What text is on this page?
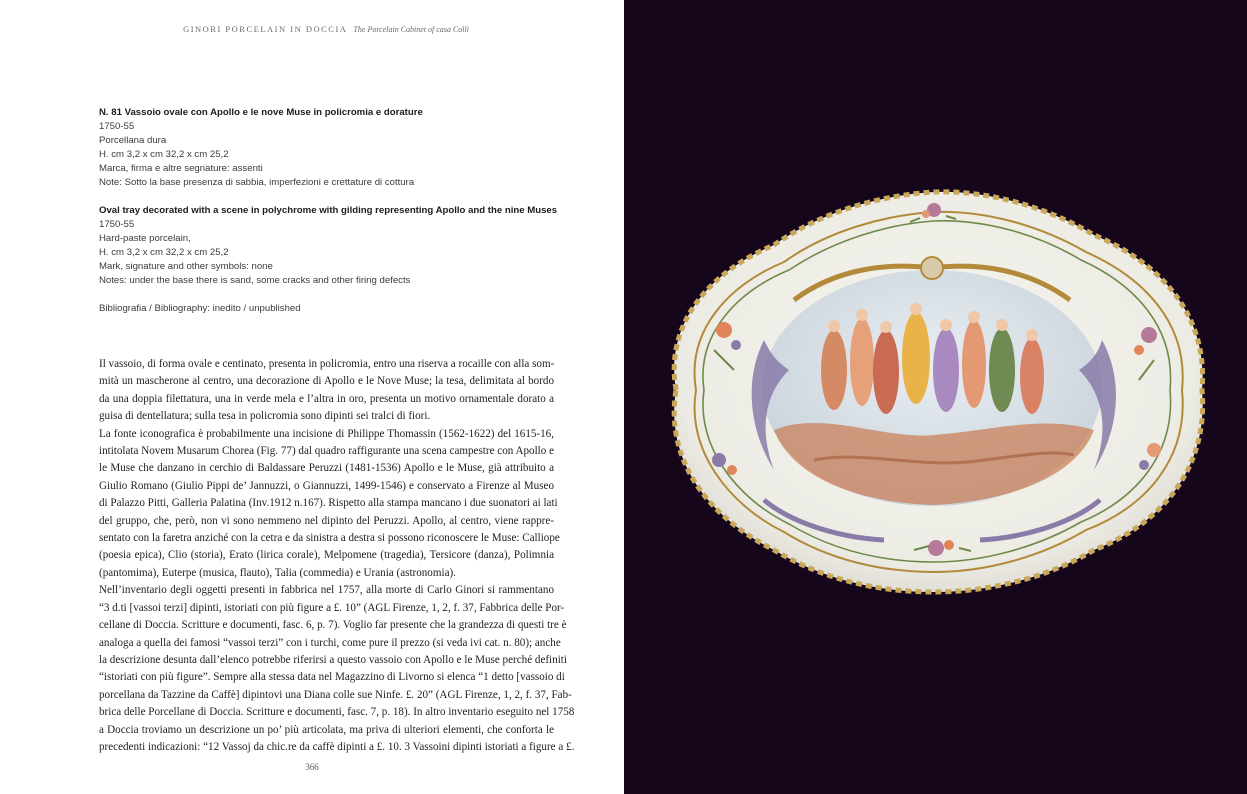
GINORI PORCELAIN IN DOCCIA The Porcelain Cabinet of casa Colli
N. 81 Vassoio ovale con Apollo e le nove Muse in policromia e dorature
1750-55
Porcellana dura
H. cm 3,2 x cm 32,2 x cm 25,2
Marca, firma e altre segnature: assenti
Note: Sotto la base presenza di sabbia, imperfezioni e crettature di cottura
Oval tray decorated with a scene in polychrome with gilding representing Apollo and the nine Muses
1750-55
Hard-paste porcelain,
H. cm 3,2 x cm 32,2 x cm 25,2
Mark, signature and other symbols: none
Notes: under the base there is sand, some cracks and other firing defects
Bibliografia / Bibliography: inedito / unpublished
Il vassoio, di forma ovale e centinato, presenta in policromia, entro una riserva a rocaille con alla som-
mità un mascherone al centro, una decorazione di Apollo e le Nove Muse; la tesa, delimitata al bordo
da una doppia filettatura, una in verde mela e l’altra in oro, presenta un motivo ornamentale dorato a
guisa di dentellatura; sulla tesa in policromia sono dipinti sei tralci di fiori.
La fonte iconografica è probabilmente una incisione di Philippe Thomassin (1562-1622) del 1615-16,
intitolata Novem Musarum Chorea (Fig. 77) dal quadro raffigurante una scena campestre con Apollo e
le Muse che danzano in cerchio di Baldassare Peruzzi (1481-1536) Apollo e le Muse, già attribuito a
Giulio Romano (Giulio Pippi de’ Jannuzzi, o Giannuzzi, 1499-1546) e conservato a Firenze al Museo
di Palazzo Pitti, Galleria Palatina (Inv.1912 n.167). Rispetto alla stampa mancano i due suonatori ai lati
del gruppo, che, però, non vi sono nemmeno nel dipinto del Peruzzi. Apollo, al centro, viene rappre-
sentato con la faretra anziché con la cetra e da sinistra a destra si possono riconoscere le Muse: Calliope
(poesia epica), Clio (storia), Erato (lirica corale), Melpomene (tragedia), Tersicore (danza), Polimnia
(pantomima), Euterpe (musica, flauto), Talia (commedia) e Urania (astronomia).
Nell’inventario degli oggetti presenti in fabbrica nel 1757, alla morte di Carlo Ginori si rammentano
“3 d.ti [vassoi terzi] dipinti, istoriati con più figure a £. 10” (AGL Firenze, 1, 2, f. 37, Fabbrica delle Por-
cellane di Doccia. Scritture e documenti, fasc. 6, p. 7). Voglio far presente che la grandezza di questi tre è
analoga a quella dei famosi “vassoi terzi” con i turchi, come pure il prezzo (si veda ivi cat. n. 80); anche
la descrizione desunta dall’elenco potrebbe riferirsi a questo vassoio con Apollo e le Muse perché definiti
“istoriati con più figure”. Sempre alla stessa data nel Magazzino di Livorno si elenca “1 detto [vassoio di
porcellana da Tazzine da Caffè] dipintovi una Diana colle sue Ninfe. £. 20” (AGL Firenze, 1, 2, f. 37, Fab-
brica delle Porcellane di Doccia. Scritture e documenti, fasc. 7, p. 18). In altro inventario eseguito nel 1758
a Doccia troviamo un descrizione un po’ più articolata, ma priva di ulteriori elementi, che conforta le
precedenti indicazioni: “12 Vassoj da chic.re da caffè dipinti a £. 10. 3 Vassoini dipinti istoriati a figure a £.
366
